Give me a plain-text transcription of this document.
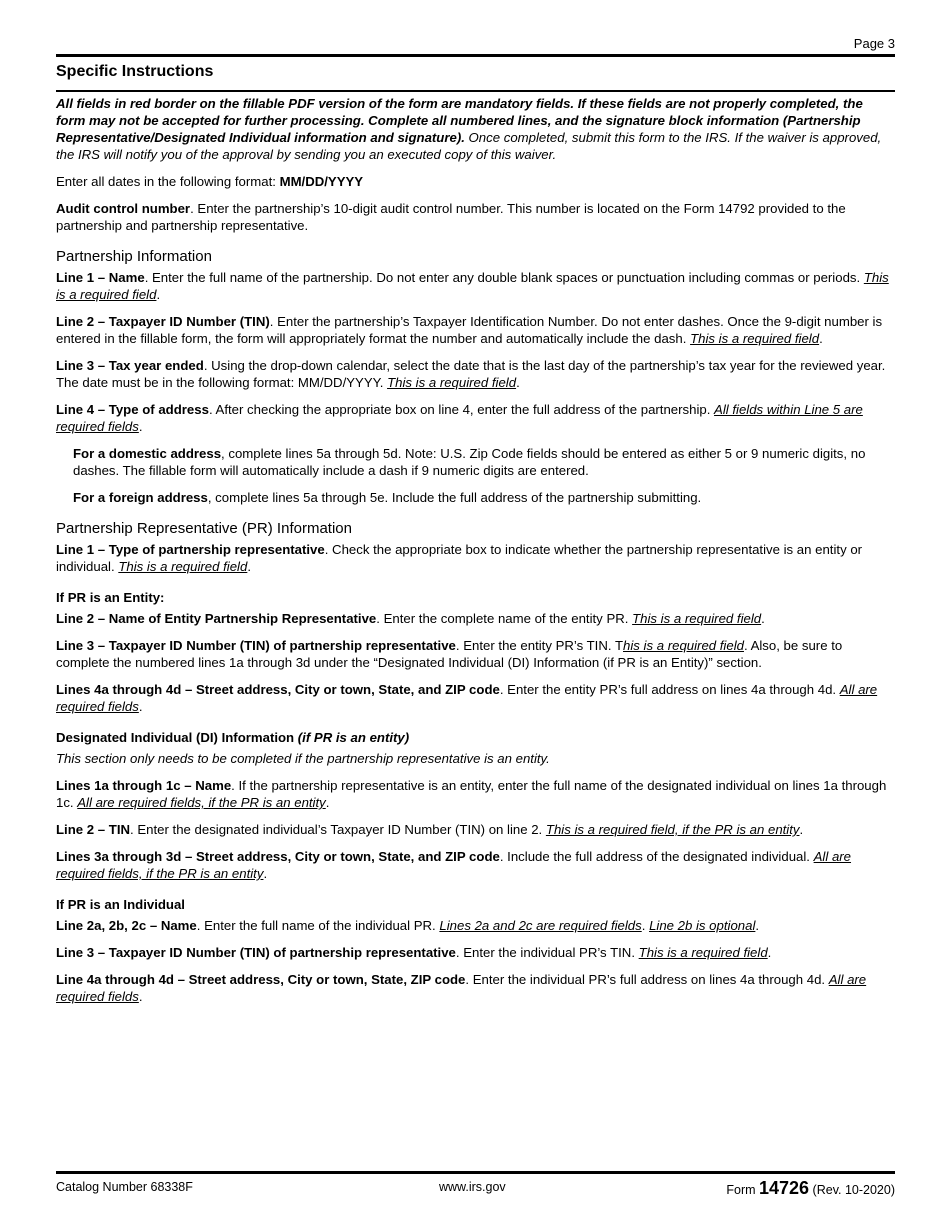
Page 3
Specific Instructions

All fields in red border on the fillable PDF version of the form are mandatory fields. If these fields are not properly completed, the form may not be accepted for further processing. Complete all numbered lines, and the signature block information (Partnership Representative/Designated Individual information and signature). Once completed, submit this form to the IRS. If the waiver is approved, the IRS will notify you of the approval by sending you an executed copy of this waiver.

Enter all dates in the following format: MM/DD/YYYY

Audit control number. Enter the partnership’s 10-digit audit control number. This number is located on the Form 14792 provided to the partnership and partnership representative.

Partnership Information

Line 1 – Name. Enter the full name of the partnership. Do not enter any double blank spaces or punctuation including commas or periods. This is a required field.

Line 2 – Taxpayer ID Number (TIN). Enter the partnership’s Taxpayer Identification Number. Do not enter dashes. Once the 9-digit number is entered in the fillable form, the form will appropriately format the number and automatically include the dash. This is a required field.

Line 3 – Tax year ended. Using the drop-down calendar, select the date that is the last day of the partnership’s tax year for the reviewed year. The date must be in the following format: MM/DD/YYYY. This is a required field.

Line 4 – Type of address. After checking the appropriate box on line 4, enter the full address of the partnership. All fields within Line 5 are required fields.

For a domestic address, complete lines 5a through 5d. Note: U.S. Zip Code fields should be entered as either 5 or 9 numeric digits, no dashes. The fillable form will automatically include a dash if 9 numeric digits are entered.

For a foreign address, complete lines 5a through 5e. Include the full address of the partnership submitting.

Partnership Representative (PR) Information

Line 1 – Type of partnership representative. Check the appropriate box to indicate whether the partnership representative is an entity or individual. This is a required field.

If PR is an Entity:

Line 2 – Name of Entity Partnership Representative. Enter the complete name of the entity PR. This is a required field.

Line 3 – Taxpayer ID Number (TIN) of partnership representative. Enter the entity PR’s TIN. This is a required field. Also, be sure to complete the numbered lines 1a through 3d under the “Designated Individual (DI) Information (if PR is an Entity)” section.

Lines 4a through 4d – Street address, City or town, State, and ZIP code. Enter the entity PR’s full address on lines 4a through 4d. All are required fields.

Designated Individual (DI) Information (if PR is an entity)

This section only needs to be completed if the partnership representative is an entity.

Lines 1a through 1c – Name. If the partnership representative is an entity, enter the full name of the designated individual on lines 1a through 1c. All are required fields, if the PR is an entity.

Line 2 – TIN. Enter the designated individual’s Taxpayer ID Number (TIN) on line 2. This is a required field, if the PR is an entity.

Lines 3a through 3d – Street address, City or town, State, and ZIP code. Include the full address of the designated individual. All are required fields, if the PR is an entity.

If PR is an Individual

Line 2a, 2b, 2c – Name. Enter the full name of the individual PR. Lines 2a and 2c are required fields. Line 2b is optional.

Line 3 – Taxpayer ID Number (TIN) of partnership representative. Enter the individual PR’s TIN. This is a required field.

Line 4a through 4d – Street address, City or town, State, ZIP code. Enter the individual PR’s full address on lines 4a through 4d. All are required fields.

Catalog Number 68338F	www.irs.gov	Form 14726 (Rev. 10-2020)
